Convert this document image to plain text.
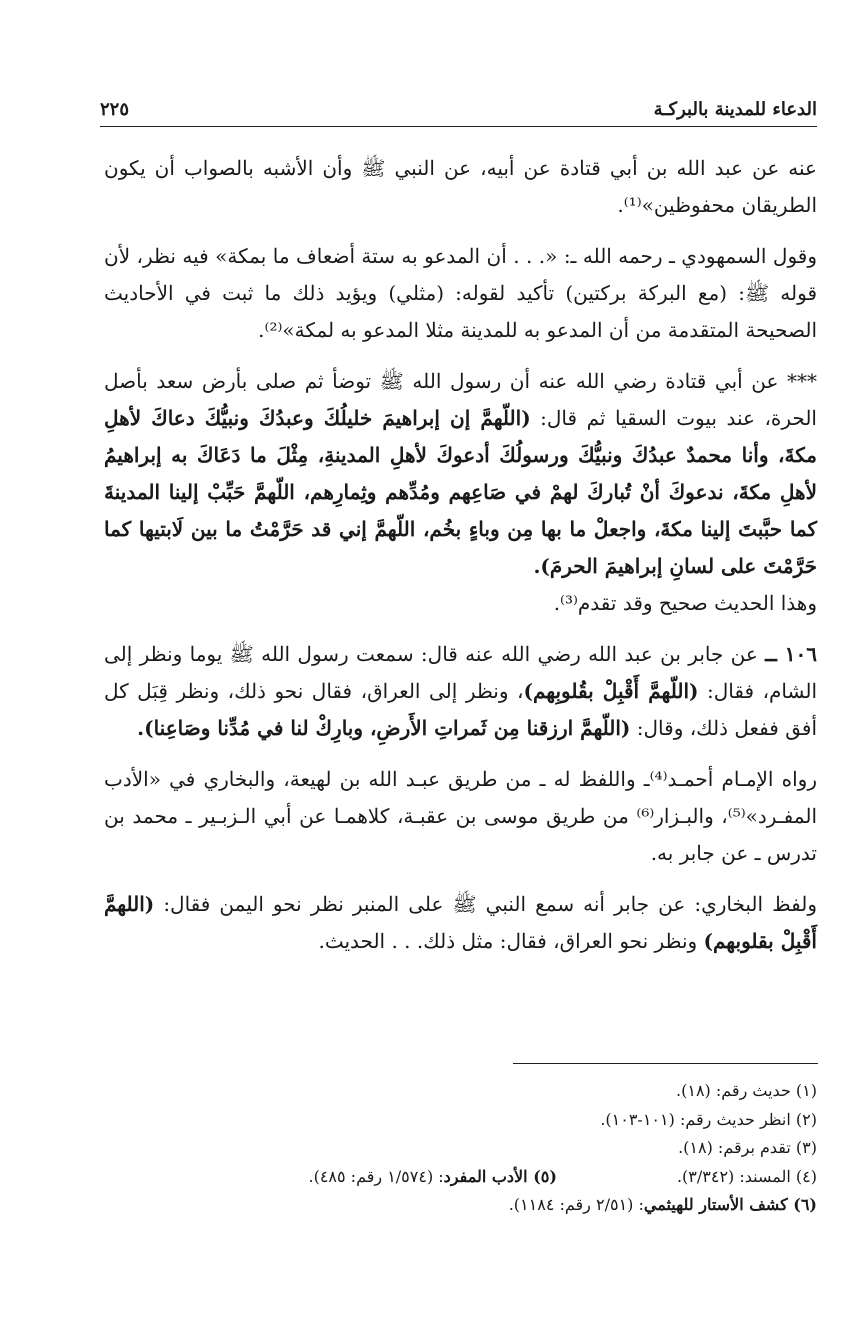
٢٢٥	الدعاء للمدينة بالبركـة

عنه عن عبد الله بن أبي قتادة عن أبيه، عن النبي ﷺ وأن الأشبه بالصواب أن يكون الطريقان محفوظين»⁽¹⁾.

وقول السمهودي ـ رحمه الله ـ: «. . . أن المدعو به ستة أضعاف ما بمكة» فيه نظر، لأن قوله ﷺ: (مع البركة بركتين) تأكيد لقوله: (مثلي) ويؤيد ذلك ما ثبت في الأحاديث الصحيحة المتقدمة من أن المدعو به للمدينة مثلا المدعو به لمكة»⁽²⁾.

*** عن أبي قتادة رضي الله عنه أن رسول الله ﷺ توضأ ثم صلى بأرض سعد بأصل الحرة، عند بيوت السقيا ثم قال: (اللّهمَّ إن إبراهيمَ خليلُكَ وعبدُكَ ونبيُّكَ دعاكَ لأهلِ مكةَ، وأنا محمدٌ عبدُكَ ونبيُّكَ ورسولُكَ أدعوكَ لأهلِ المدينةِ، مِثْلَ ما دَعَاكَ به إبراهيمُ لأهلِ مكةَ، ندعوكَ أنْ تُباركَ لهمْ في صَاعِهم ومُدِّهم وثِمارِهم، اللّهمَّ حَبِّبْ إلينا المدينةَ كما حبَّبتَ إلينا مكةَ، واجعلْ ما بها مِن وباءٍ بخُم، اللّهمَّ إني قد حَرَّمْتُ ما بين لَابتيها كما حَرَّمْتَ على لسانِ إبراهيمَ الحرمَ).

وهذا الحديث صحيح وقد تقدم⁽³⁾.

١٠٦ ــ عن جابر بن عبد الله رضي الله عنه قال: سمعت رسول الله ﷺ يوما ونظر إلى الشام، فقال: (اللّهمَّ أَقْبِلْ بقُلوبِهم)، ونظر إلى العراق، فقال نحو ذلك، ونظر قِبَل كل أفق ففعل ذلك، وقال: (اللّهمَّ ارزقنا مِن ثَمراتِ الأَرضِ، وبارِكْ لنا في مُدِّنا وصَاعِنا).

رواه الإمـام أحمـد⁽⁴⁾ـ واللفظ له ـ من طريق عبـد الله بن لهيعة، والبخاري في «الأدب المفـرد»⁽⁵⁾، والبـزار⁽⁶⁾ من طريق موسى بن عقبـة، كلاهمـا عن أبي الـزبـير ـ محمد بن تدرس ـ عن جابر به.

ولفظ البخاري: عن جابر أنه سمع النبي ﷺ على المنبر نظر نحو اليمن فقال: (اللهمَّ أَقْبِلْ بقلوبهم) ونظر نحو العراق، فقال: مثل ذلك. . . الحديث.

(١) حديث رقم: (١٨).
(٢) انظر حديث رقم: (١٠١-١٠٣).
(٣) تقدم برقم: (١٨).
(٤) المسند: (٣/٣٤٢).
(٥) الأدب المفرد: (١/٥٧٤ رقم: ٤٨٥).
(٦) كشف الأستار للهيثمي: (٢/٥١ رقم: ١١٨٤).
